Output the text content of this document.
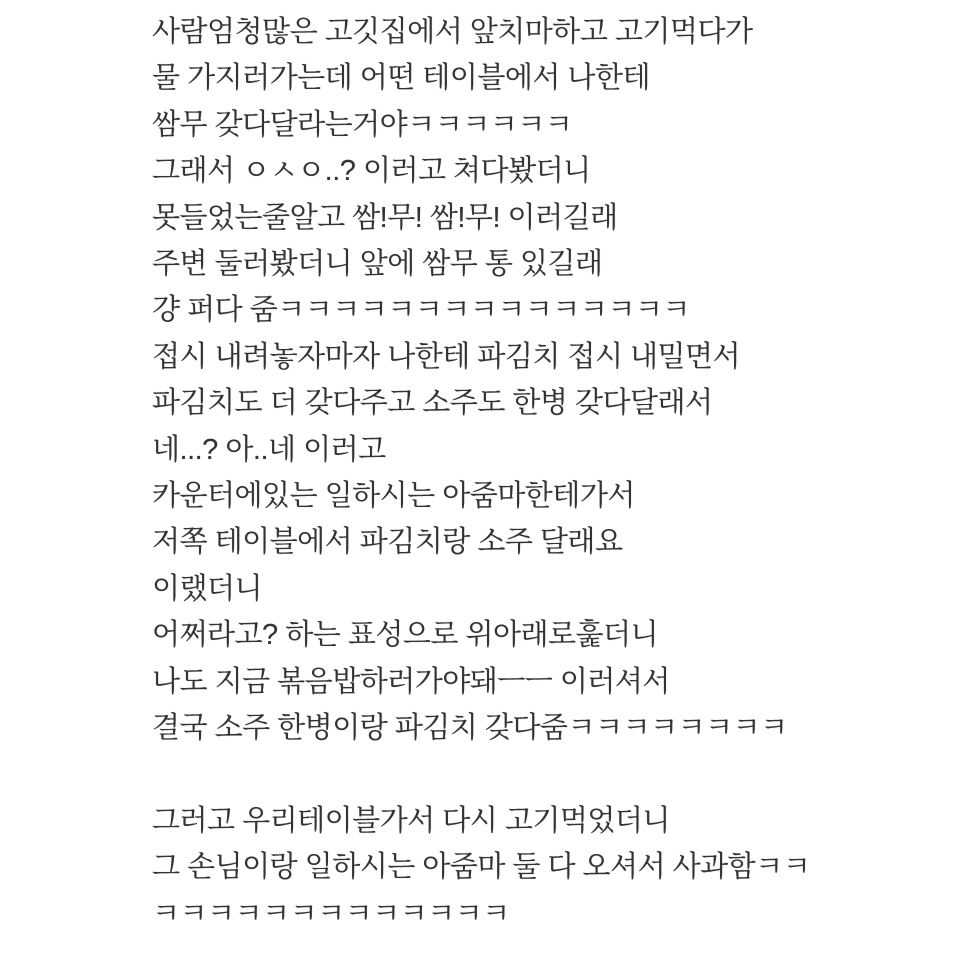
사람엄청많은 고깃집에서 앞치마하고 고기먹다가

물 가지러가는데 어떤 테이블에서 나한테

쌈무 갖다달라는거야ㅋㅋㅋㅋㅋㅋ

그래서 ㅇㅅㅇ..? 이러고 쳐다봤더니

못들었는줄알고 쌈!무! 쌈!무! 이러길래

주변 둘러봤더니 앞에 쌈무 통 있길래

걍 퍼다 줌ㅋㅋㅋㅋㅋㅋㅋㅋㅋㅋㅋㅋㅋㅋㅋ

접시 내려놓자마자 나한테 파김치 접시 내밀면서

파김치도 더 갖다주고 소주도 한병 갖다달래서

네...? 아..네 이러고

카운터에있는 일하시는 아줌마한테가서

저쪽 테이블에서 파김치랑 소주 달래요

이랬더니

어쩌라고? 하는 표성으로 위아래로훑더니

나도 지금 볶음밥하러가야돼ㅡㅡ 이러셔서

결국 소주 한병이랑 파김치 갖다줌ㅋㅋㅋㅋㅋㅋㅋㅋ

그러고 우리테이블가서 다시 고기먹었더니

그 손님이랑 일하시는 아줌마 둘 다 오셔서 사과함ㅋㅋ

ㅋㅋㅋㅋㅋㅋㅋㅋㅋㅋㅋㅋㅋ
